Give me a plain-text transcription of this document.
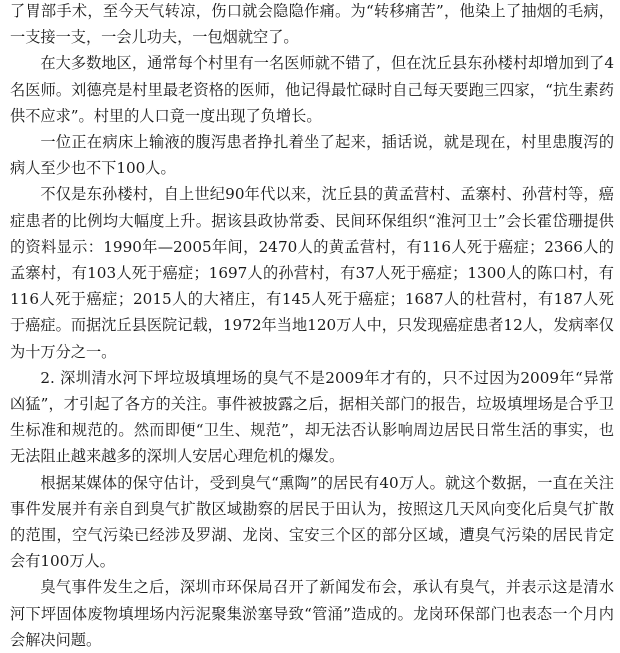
了胃部手术，至今天气转凉，伤口就会隐隐作痛。为“转移痛苦”，他染上了抽烟的毛病，一支接一支，一会儿功夫，一包烟就空了。

在大多数地区，通常每个村里有一名医师就不错了，但在沈丘县东孙楼村却增加到了4名医师。刘德亮是村里最老资格的医师，他记得最忙碌时自己每天要跑三四家，“抗生素药供不应求”。村里的人口竟一度出现了负增长。

一位正在病床上输液的腹泻患者挣扎着坐了起来，插话说，就是现在，村里患腹泻的病人至少也不下100人。

不仅是东孙楼村，自上世纪90年代以来，沈丘县的黄孟营村、孟寨村、孙营村等，癌症患者的比例均大幅度上升。据该县政协常委、民间环保组织“淮河卫士”会长霍岱珊提供的资料显示：1990年—2005年间，2470人的黄孟营村，有116人死于癌症；2366人的孟寨村，有103人死于癌症；1697人的孙营村，有37人死于癌症；1300人的陈口村，有116人死于癌症；2015人的大褚庄，有145人死于癌症；1687人的杜营村，有187人死于癌症。而据沈丘县医院记载，1972年当地120万人中，只发现癌症患者12人，发病率仅为十万分之一。

2. 深圳清水河下坪垃圾填埋场的臭气不是2009年才有的，只不过因为2009年“异常凶猛”，才引起了各方的关注。事件被披露之后，据相关部门的报告，垃圾填埋场是合乎卫生标准和规范的。然而即便“卫生、规范”，却无法否认影响周边居民日常生活的事实，也无法阻止越来越多的深圳人安居心理危机的爆发。

根据某媒体的保守估计，受到臭气“熏陶”的居民有40万人。就这个数据，一直在关注事件发展并有亲自到臭气扩散区域勘察的居民于田认为，按照这几天风向变化后臭气扩散的范围，空气污染已经涉及罗湖、龙岗、宝安三个区的部分区域，遭臭气污染的居民肯定会有100万人。

臭气事件发生之后，深圳市环保局召开了新闻发布会，承认有臭气，并表示这是清水河下坪固体废物填埋场内污泥聚集淤塞导致“管涌”造成的。龙岗环保部门也表态一个月内会解决问题。
